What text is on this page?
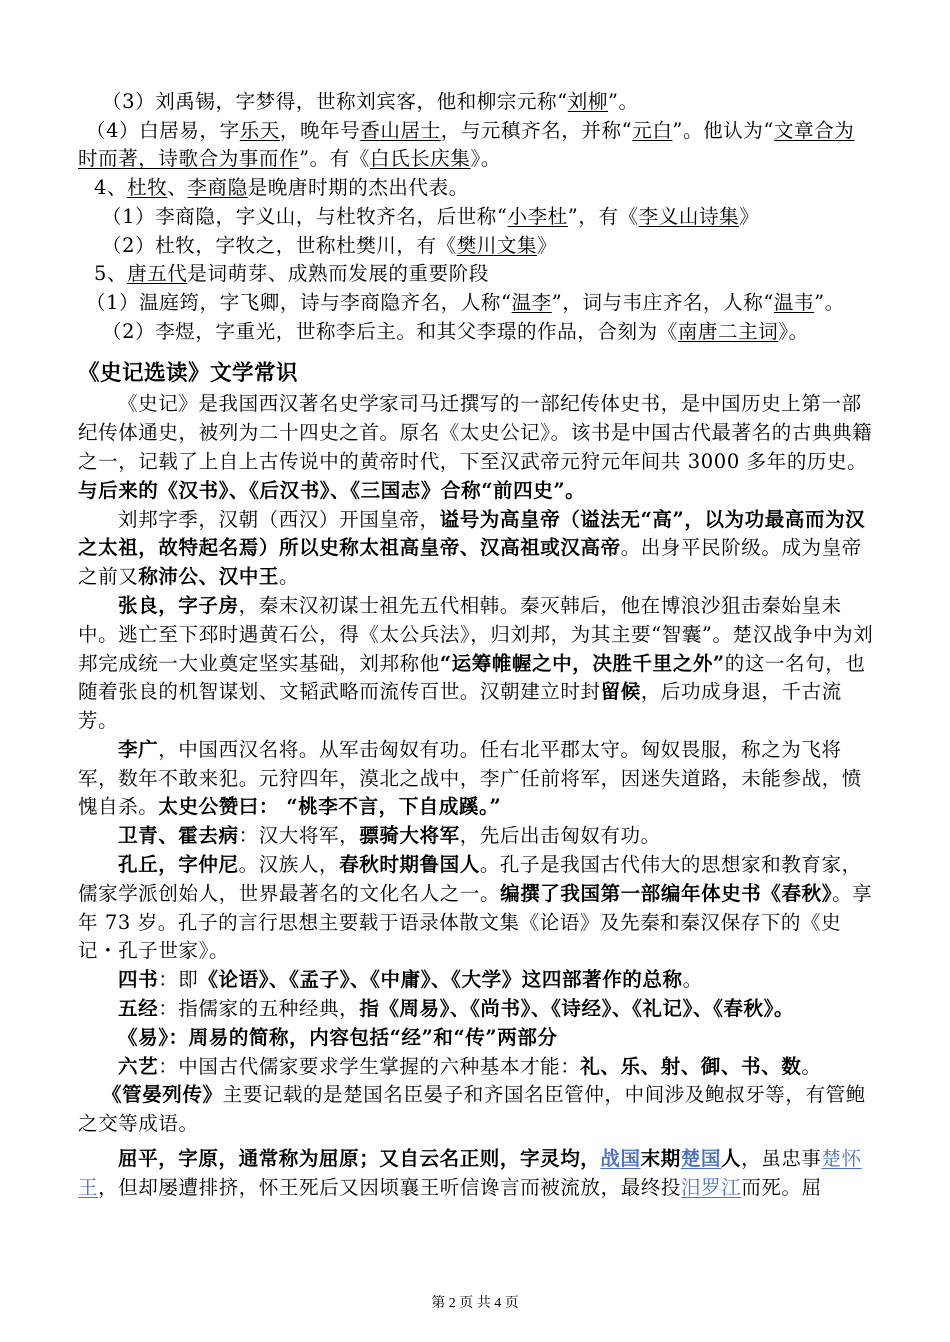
（3）刘禹锡，字梦得，世称刘宾客，他和柳宗元称“刘柳”。

（4）白居易，字乐天，晚年号香山居士，与元稹齐名，并称“元白”。他认为“文章合为时而著，诗歌合为事而作”。有《白氏长庆集》。

4、杜牧、李商隐是晚唐时期的杰出代表。

（1）李商隐，字义山，与杜牧齐名，后世称“小李杜”，有《李义山诗集》

（2）杜牧，字牧之，世称杜樊川，有《樊川文集》

5、唐五代是词萌芽、成熟而发展的重要阶段

（1）温庭筠，字飞卿，诗与李商隐齐名，人称“温李”，词与韦庄齐名，人称“温韦”。

（2）李煜，字重光，世称李后主。和其父李璟的作品，合刻为《南唐二主词》。

《史记选读》文学常识

《史记》是我国西汉著名史学家司马迁撰写的一部纪传体史书，是中国历史上第一部纪传体通史，被列为二十四史之首。原名《太史公记》。该书是中国古代最著名的古典典籍之一，记载了上自上古传说中的黄帝时代，下至汉武帝元狩元年间共 3000 多年的历史。与后来的《汉书》、《后汉书》、《三国志》合称“前四史”。

刘邦字季，汉朝（西汉）开国皇帝，谥号为高皇帝（谥法无“高”，以为功最高而为汉之太祖，故特起名焉）所以史称太祖高皇帝、汉高祖或汉高帝。出身平民阶级。成为皇帝之前又称沛公、汉中王。

张良，字子房，秦末汉初谋士祖先五代相韩。秦灭韩后，他在博浪沙狙击秦始皇未中。逃亡至下邳时遇黄石公，得《太公兵法》，归刘邦，为其主要“智囊”。楚汉战争中为刘邦完成统一大业奠定坚实基础，刘邦称他“运筹帷幄之中，决胜千里之外”的这一名句，也随着张良的机智谋划、文韬武略而流传百世。汉朝建立时封留候，后功成身退，千古流芳。

李广，中国西汉名将。从军击匈奴有功。任右北平郡太守。匈奴畏服，称之为飞将军，数年不敢来犯。元狩四年，漠北之战中，李广任前将军，因迷失道路，未能参战，愤愧自杀。太史公赞曰： “桃李不言，下自成蹊。”

卫青、霍去病：汉大将军，骠骑大将军，先后出击匈奴有功。

孔丘，字仲尼。汉族人，春秋时期鲁国人。孔子是我国古代伟大的思想家和教育家，儒家学派创始人，世界最著名的文化名人之一。编撰了我国第一部编年体史书《春秋》。享年 73 岁。孔子的言行思想主要载于语录体散文集《论语》及先秦和秦汉保存下的《史记・孔子世家》。

四书：即《论语》、《孟子》、《中庸》、《大学》这四部著作的总称。

五经：指儒家的五种经典，指《周易》、《尚书》、《诗经》、《礼记》、《春秋》。

《易》：周易的简称，内容包括“经”和“传”两部分

六艺：中国古代儒家要求学生掌握的六种基本才能：礼、乐、射、御、书、数。

《管晏列传》主要记载的是楚国名臣晏子和齐国名臣管仲，中间涉及鲍叔牙等，有管鲍之交等成语。

屈平，字原，通常称为屈原；又自云名正则，字灵均，战国末期楚国人，虽忠事楚怀王，但却屡遭排挤，怀王死后又因顷襄王听信谗言而被流放，最终投汨罗江而死。屈

第 2 页 共 4 页
